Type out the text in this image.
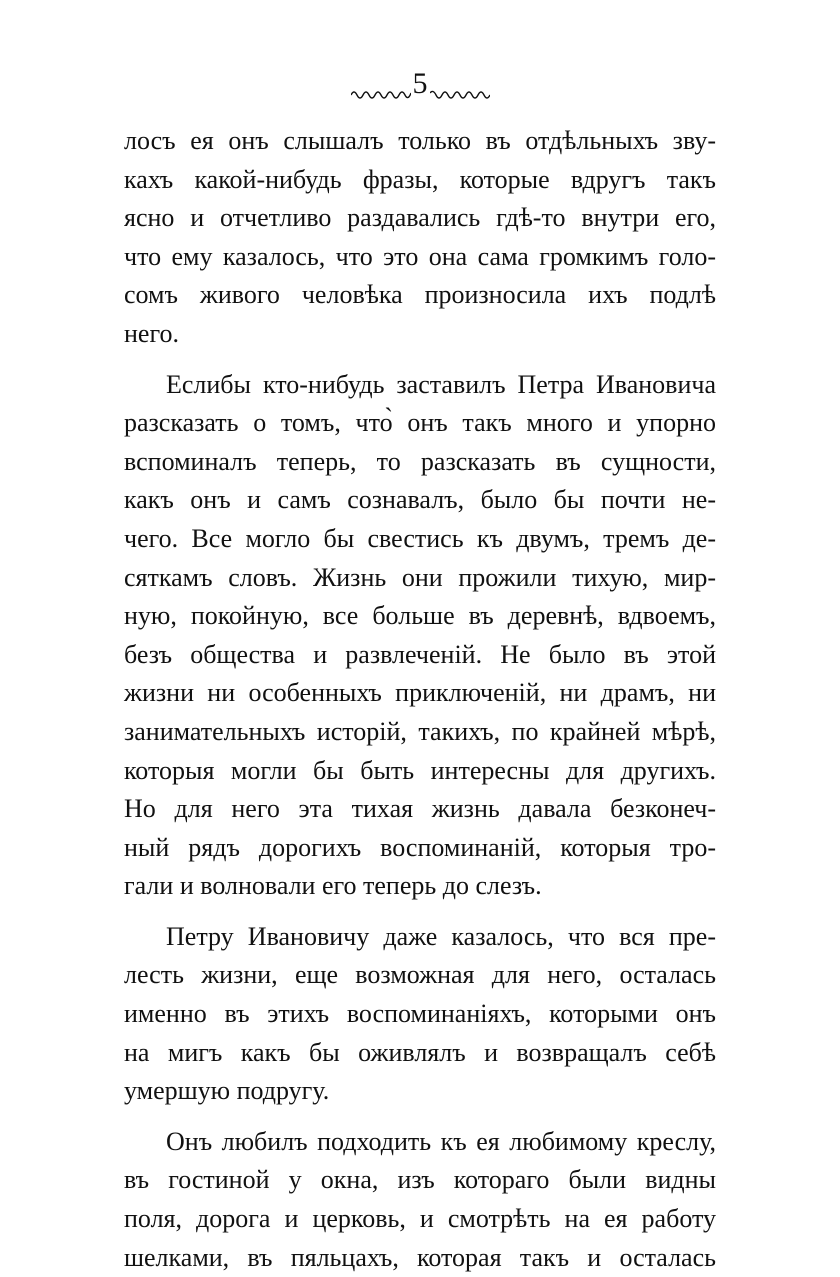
5

лосъ ея онъ слышалъ только въ отдѣльныхъ зву-
кахъ какой-нибудь фразы, которые вдругъ такъ
ясно и отчетливо раздавались гдѣ-то внутри его,
что ему казалось, что это она сама громкимъ голо-
сомъ живого человѣка произносила ихъ подлѣ
него.

Еслибы кто-нибудь заставилъ Петра Ивановича
разсказать о томъ, что̀ онъ такъ много и упорно
вспоминалъ теперь, то разсказать въ сущности,
какъ онъ и самъ сознавалъ, было бы почти не-
чего. Все могло бы свестись къ двумъ, тремъ де-
сяткамъ словъ. Жизнь они прожили тихую, мир-
ную, покойную, все больше въ деревнѣ, вдвоемъ,
безъ общества и развлеченій. Не было въ этой
жизни ни особенныхъ приключеній, ни драмъ, ни
занимательныхъ исторій, такихъ, по крайней мѣрѣ,
которыя могли бы быть интересны для другихъ.
Но для него эта тихая жизнь давала безконеч-
ный рядъ дорогихъ воспоминаній, которыя тро-
гали и волновали его теперь до слезъ.

Петру Ивановичу даже казалось, что вся пре-
лесть жизни, еще возможная для него, осталась
именно въ этихъ воспоминаніяхъ, которыми онъ
на мигъ какъ бы оживлялъ и возвращалъ себѣ
умершую подругу.

Онъ любилъ подходить къ ея любимому креслу,
въ гостиной у окна, изъ котораго были видны
поля, дорога и церковь, и смотрѣть на ея работу
шелками, въ пяльцахъ, которая такъ и осталась
